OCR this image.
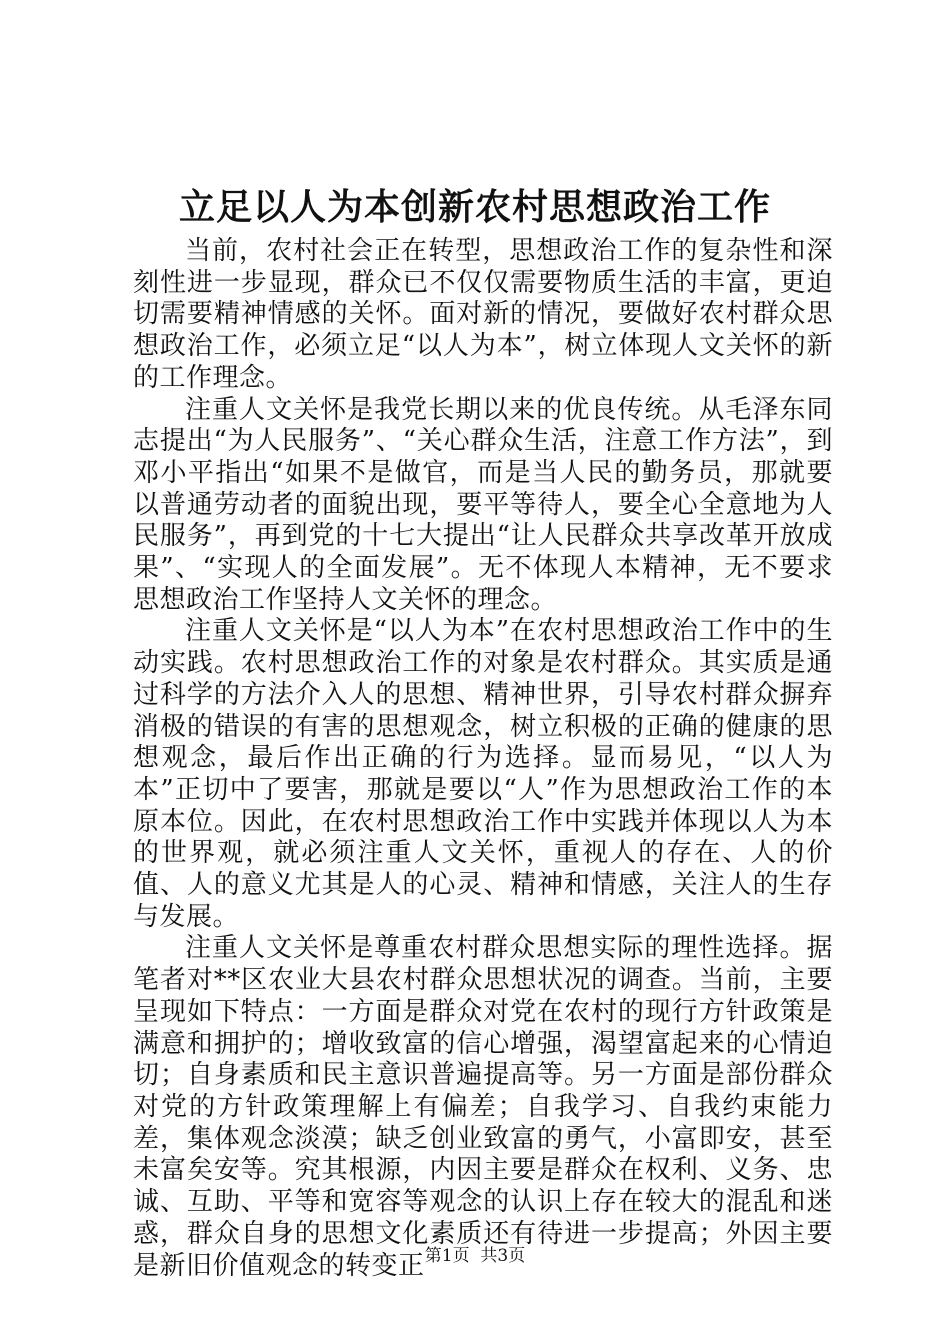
立足以人为本创新农村思想政治工作

当前，农村社会正在转型，思想政治工作的复杂性和深刻性进一步显现，群众已不仅仅需要物质生活的丰富，更迫切需要精神情感的关怀。面对新的情况，要做好农村群众思想政治工作，必须立足“以人为本”，树立体现人文关怀的新的工作理念。

注重人文关怀是我党长期以来的优良传统。从毛泽东同志提出“为人民服务”、“关心群众生活，注意工作方法”，到邓小平指出“如果不是做官，而是当人民的勤务员，那就要以普通劳动者的面貌出现，要平等待人，要全心全意地为人民服务”，再到党的十七大提出“让人民群众共享改革开放成果”、“实现人的全面发展”。无不体现人本精神，无不要求思想政治工作坚持人文关怀的理念。

注重人文关怀是“以人为本”在农村思想政治工作中的生动实践。农村思想政治工作的对象是农村群众。其实质是通过科学的方法介入人的思想、精神世界，引导农村群众摒弃消极的错误的有害的思想观念，树立积极的正确的健康的思想观念，最后作出正确的行为选择。显而易见，“以人为本”正切中了要害，那就是要以“人”作为思想政治工作的本原本位。因此，在农村思想政治工作中实践并体现以人为本的世界观，就必须注重人文关怀，重视人的存在、人的价值、人的意义尤其是人的心灵、精神和情感，关注人的生存与发展。

注重人文关怀是尊重农村群众思想实际的理性选择。据笔者对**区农业大县农村群众思想状况的调查。当前，主要呈现如下特点：一方面是群众对党在农村的现行方针政策是满意和拥护的；增收致富的信心增强，渴望富起来的心情迫切；自身素质和民主意识普遍提高等。另一方面是部份群众对党的方针政策理解上有偏差；自我学习、自我约束能力差，集体观念淡漠；缺乏创业致富的勇气，小富即安，甚至未富矣安等。究其根源，内因主要是群众在权利、义务、忠诚、互助、平等和宽容等观念的认识上存在较大的混乱和迷惑，群众自身的思想文化素质还有待进一步提高；外因主要是新旧价值观念的转变正 第1页 共3页
